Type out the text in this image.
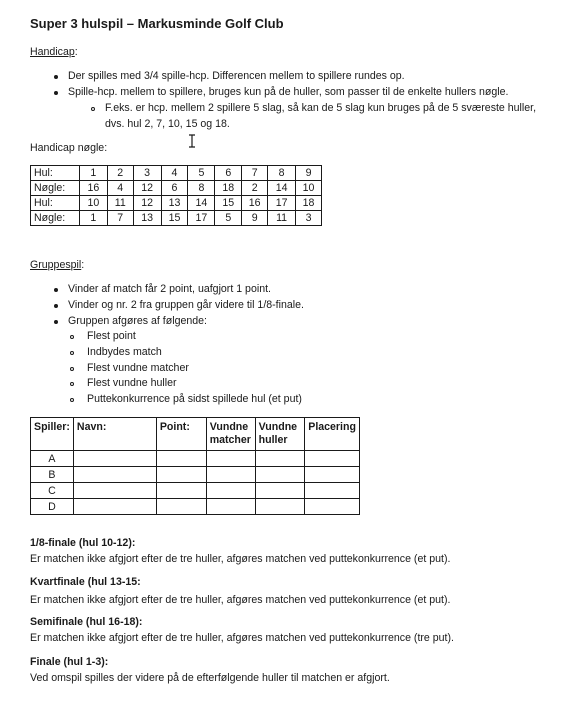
Super 3 hulspil – Markusminde Golf Club
Handicap:
Der spilles med 3/4 spille-hcp. Differencen mellem to spillere rundes op.
Spille-hcp. mellem to spillere, bruges kun på de huller, som passer til de enkelte hullers nøgle.
F.eks. er hcp. mellem 2 spillere 5 slag, så kan de 5 slag kun bruges på de 5 sværeste huller,
dvs. hul 2, 7, 10, 15 og 18.
Handicap nøgle:
Hul:	1	2	3	4	5	6	7	8	9
Nøgle:	16	4	12	6	8	18	2	14	10
Hul:	10	11	12	13	14	15	16	17	18
Nøgle:	1	7	13	15	17	5	9	11	3
Gruppespil:
Vinder af match får 2 point, uafgjort 1 point.
Vinder og nr. 2 fra gruppen går videre til 1/8-finale.
Gruppen afgøres af følgende:
Flest point
Indbydes match
Flest vundne matcher
Flest vundne huller
Puttekonkurrence på sidst spillede hul (et put)
Spiller:	Navn:	Point:	Vundne matcher	Vundne huller	Placering
A					
B					
C					
D					
1/8-finale (hul 10-12):
Er matchen ikke afgjort efter de tre huller, afgøres matchen ved puttekonkurrence (et put).
Kvartfinale (hul 13-15:
Er matchen ikke afgjort efter de tre huller, afgøres matchen ved puttekonkurrence (et put).
Semifinale (hul 16-18):
Er matchen ikke afgjort efter de tre huller, afgøres matchen ved puttekonkurrence (tre put).
Finale (hul 1-3):
Ved omspil spilles der videre på de efterfølgende huller til matchen er afgjort.
